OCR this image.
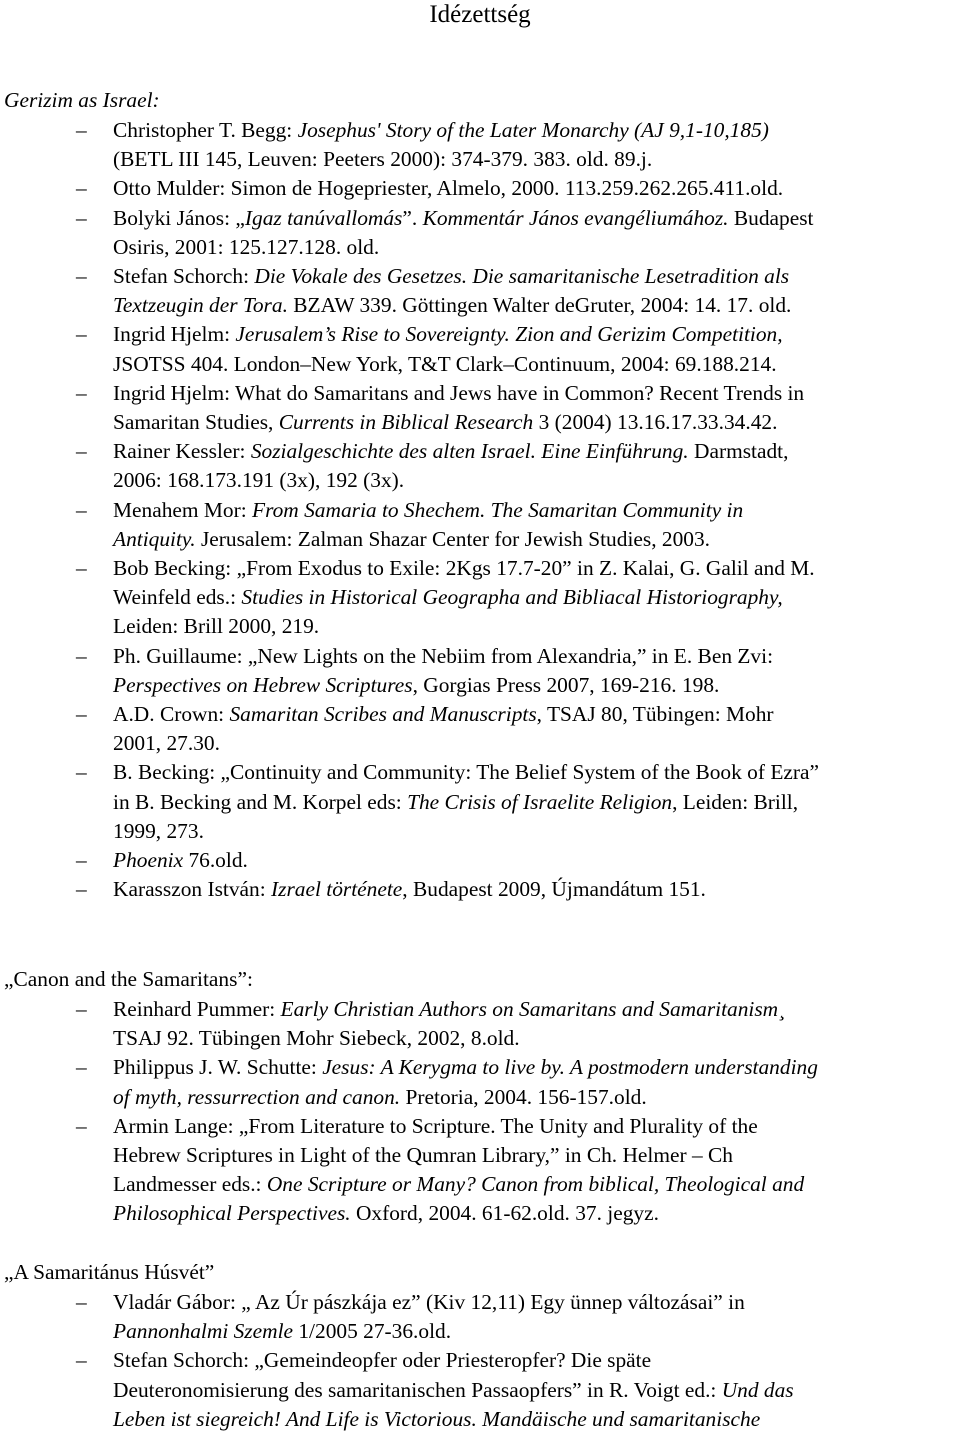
Idézettség
Gerizim as Israel:
– Christopher T. Begg: Josephus' Story of the Later Monarchy (AJ 9,1-10,185)
(BETL III 145, Leuven: Peeters 2000): 374-379. 383. old. 89.j.
– Otto Mulder: Simon de Hogepriester, Almelo, 2000. 113.259.262.265.411.old.
– Bolyki János: „Igaz tanúvallomás”. Kommentár János evangéliumához. Budapest
Osiris, 2001: 125.127.128. old.
– Stefan Schorch: Die Vokale des Gesetzes. Die samaritanische Lesetradition als
Textzeugin der Tora. BZAW 339. Göttingen Walter deGruter, 2004: 14. 17. old.
– Ingrid Hjelm: Jerusalem’s Rise to Sovereignty. Zion and Gerizim Competition,
JSOTSS 404. London–New York, T&T Clark–Continuum, 2004: 69.188.214.
– Ingrid Hjelm: What do Samaritans and Jews have in Common? Recent Trends in
Samaritan Studies, Currents in Biblical Research 3 (2004) 13.16.17.33.34.42.
– Rainer Kessler: Sozialgeschichte des alten Israel. Eine Einführung. Darmstadt,
2006: 168.173.191 (3x), 192 (3x).
– Menahem Mor: From Samaria to Shechem. The Samaritan Community in
Antiquity. Jerusalem: Zalman Shazar Center for Jewish Studies, 2003.
– Bob Becking: „From Exodus to Exile: 2Kgs 17.7-20” in Z. Kalai, G. Galil and M.
Weinfeld eds.: Studies in Historical Geographa and Bibliacal Historiography,
Leiden: Brill 2000, 219.
– Ph. Guillaume: „New Lights on the Nebiim from Alexandria,” in E. Ben Zvi:
Perspectives on Hebrew Scriptures, Gorgias Press 2007, 169-216. 198.
– A.D. Crown: Samaritan Scribes and Manuscripts, TSAJ 80, Tübingen: Mohr
2001, 27.30.
– B. Becking: „Continuity and Community: The Belief System of the Book of Ezra”
in B. Becking and M. Korpel eds: The Crisis of Israelite Religion, Leiden: Brill,
1999, 273.
– Phoenix 76.old.
– Karasszon István: Izrael története, Budapest 2009, Újmandátum 151.
„Canon and the Samaritans”:
– Reinhard Pummer: Early Christian Authors on Samaritans and Samaritanism¸
TSAJ 92. Tübingen Mohr Siebeck, 2002, 8.old.
– Philippus J. W. Schutte: Jesus: A Kerygma to live by. A postmodern understanding
of myth, ressurrection and canon. Pretoria, 2004. 156-157.old.
– Armin Lange: „From Literature to Scripture. The Unity and Plurality of the
Hebrew Scriptures in Light of the Qumran Library,” in Ch. Helmer – Ch
Landmesser eds.: One Scripture or Many? Canon from biblical, Theological and
Philosophical Perspectives. Oxford, 2004. 61-62.old. 37. jegyz.
„A Samaritánus Húsvét”
– Vladár Gábor: „ Az Úr pászkája ez” (Kiv 12,11) Egy ünnep változásai” in
Pannonhalmi Szemle 1/2005 27-36.old.
– Stefan Schorch: „Gemeindeopfer oder Priesteropfer? Die späte
Deuteronomisierung des samaritanischen Passaopfers” in R. Voigt ed.: Und das
Leben ist siegreich! And Life is Victorious. Mandäische und samaritanische
